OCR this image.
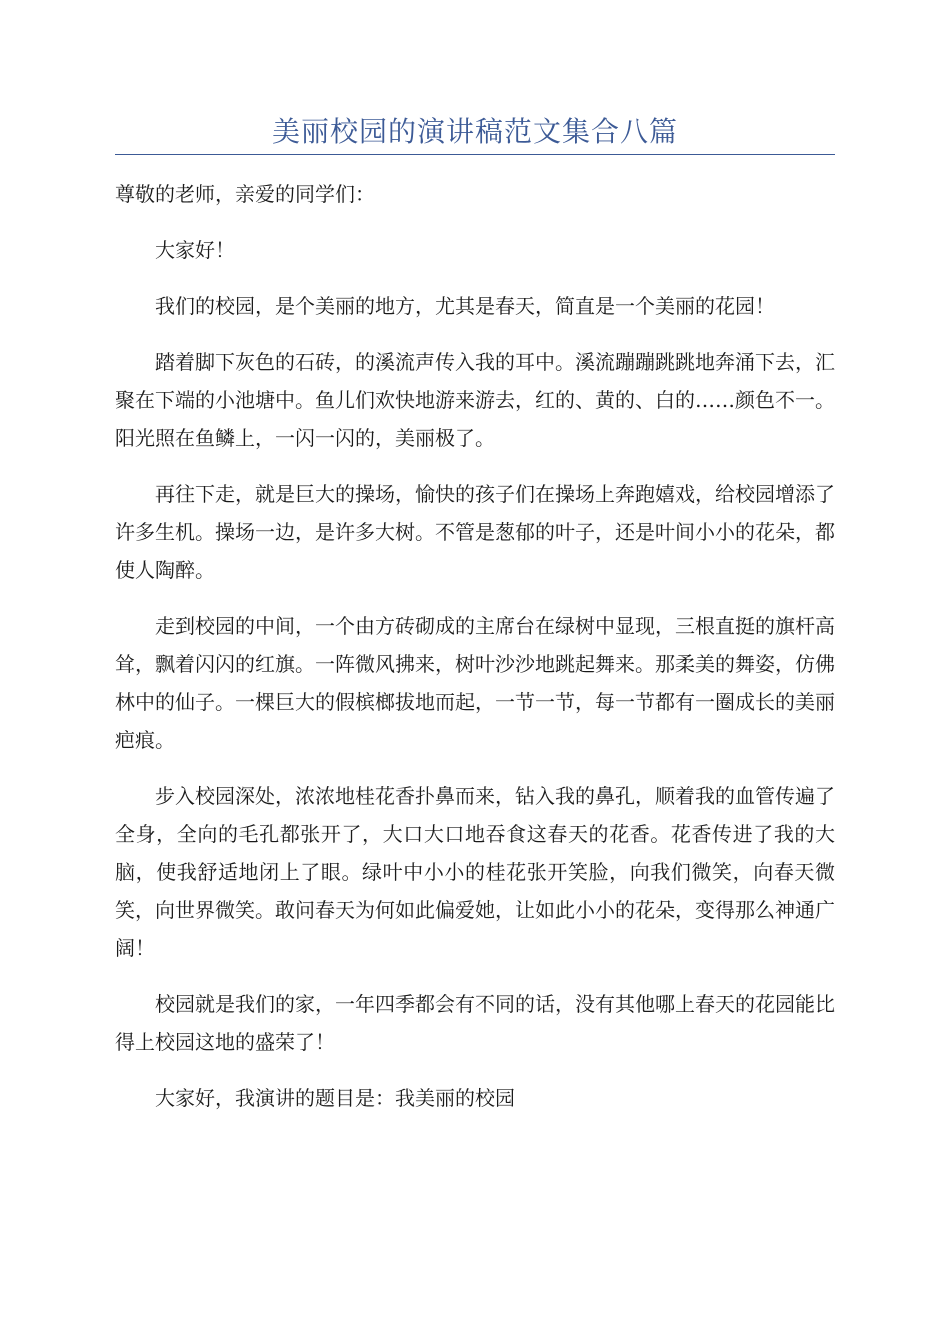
美丽校园的演讲稿范文集合八篇

尊敬的老师，亲爱的同学们：

大家好！

我们的校园，是个美丽的地方，尤其是春天，简直是一个美丽的花园！

踏着脚下灰色的石砖，的溪流声传入我的耳中。溪流蹦蹦跳跳地奔涌下去，汇聚在下端的小池塘中。鱼儿们欢快地游来游去，红的、黄的、白的……颜色不一。阳光照在鱼鳞上，一闪一闪的，美丽极了。

再往下走，就是巨大的操场，愉快的孩子们在操场上奔跑嬉戏，给校园增添了许多生机。操场一边，是许多大树。不管是葱郁的叶子，还是叶间小小的花朵，都使人陶醉。

走到校园的中间，一个由方砖砌成的主席台在绿树中显现，三根直挺的旗杆高耸，飘着闪闪的红旗。一阵微风拂来，树叶沙沙地跳起舞来。那柔美的舞姿，仿佛林中的仙子。一棵巨大的假槟榔拔地而起，一节一节，每一节都有一圈成长的美丽疤痕。

步入校园深处，浓浓地桂花香扑鼻而来，钻入我的鼻孔，顺着我的血管传遍了全身，全向的毛孔都张开了，大口大口地吞食这春天的花香。花香传进了我的大脑，使我舒适地闭上了眼。绿叶中小小的桂花张开笑脸，向我们微笑，向春天微笑，向世界微笑。敢问春天为何如此偏爱她，让如此小小的花朵，变得那么神通广阔！

校园就是我们的家，一年四季都会有不同的话，没有其他哪上春天的花园能比得上校园这地的盛荣了！

大家好，我演讲的题目是：我美丽的校园
